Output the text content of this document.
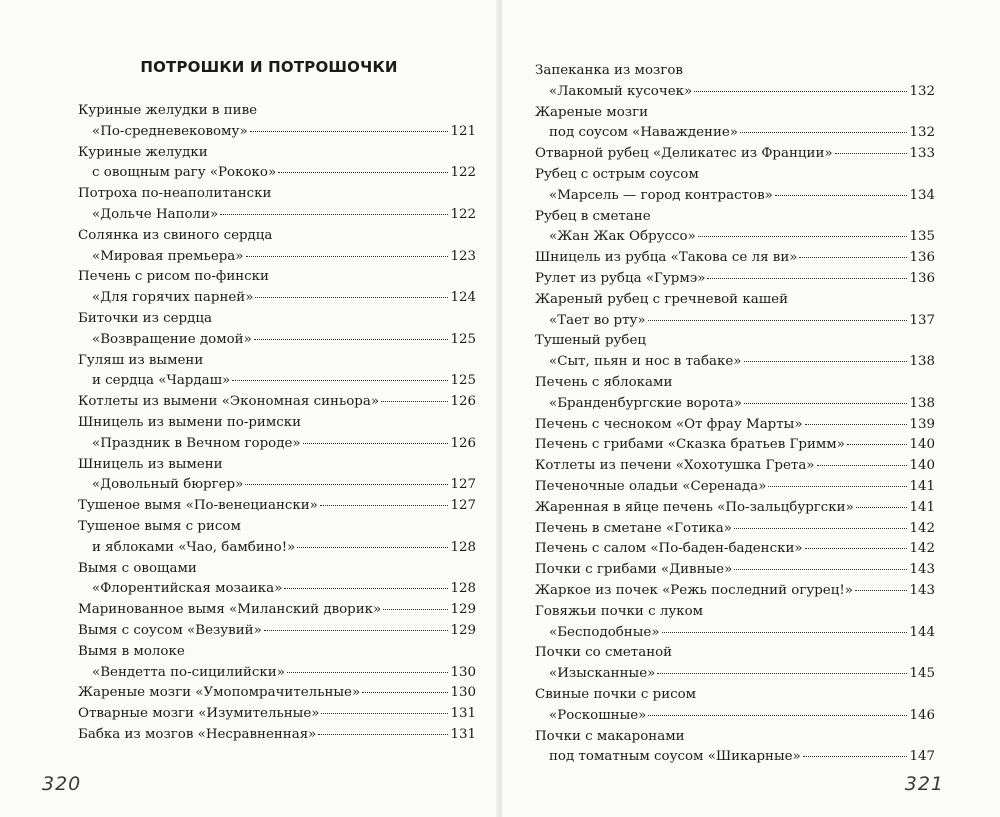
ПОТРОШКИ И ПОТРОШОЧКИ
Куриные желудки в пиве
«По-средневековому»	121
Куриные желудки
с овощным рагу «Рококо»	122
Потроха по-неаполитански
«Дольче Наполи»	122
Солянка из свиного сердца
«Мировая премьера»	123
Печень с рисом по-фински
«Для горячих парней»	124
Биточки из сердца
«Возвращение домой»	125
Гуляш из вымени
и сердца «Чардаш»	125
Котлеты из вымени «Экономная синьора»	126
Шницель из вымени по-римски
«Праздник в Вечном городе»	126
Шницель из вымени
«Довольный бюргер»	127
Тушеное вымя «По-венециански»	127
Тушеное вымя с рисом
и яблоками «Чао, бамбино!»	128
Вымя с овощами
«Флорентийская мозаика»	128
Маринованное вымя «Миланский дворик»	129
Вымя с соусом «Везувий»	129
Вымя в молоке
«Вендетта по-сицилийски»	130
Жареные мозги «Умопомрачительные»	130
Отварные мозги «Изумительные»	131
Бабка из мозгов «Несравненная»	131
320
Запеканка из мозгов
«Лакомый кусочек»	132
Жареные мозги
под соусом «Наваждение»	132
Отварной рубец «Деликатес из Франции»	133
Рубец с острым соусом
«Марсель — город контрастов»	134
Рубец в сметане
«Жан Жак Обруссо»	135
Шницель из рубца «Такова се ля ви»	136
Рулет из рубца «Гурмэ»	136
Жареный рубец с гречневой кашей
«Тает во рту»	137
Тушеный рубец
«Сыт, пьян и нос в табаке»	138
Печень с яблоками
«Бранденбургские ворота»	138
Печень с чесноком «От фрау Марты»	139
Печень с грибами «Сказка братьев Гримм»	140
Котлеты из печени «Хохотушка Грета»	140
Печеночные оладьи «Серенада»	141
Жаренная в яйце печень «По-зальцбургски»	141
Печень в сметане «Готика»	142
Печень с салом «По-баден-баденски»	142
Почки с грибами «Дивные»	143
Жаркое из почек «Режь последний огурец!»	143
Говяжьи почки с луком
«Бесподобные»	144
Почки со сметаной
«Изысканные»	145
Свиные почки с рисом
«Роскошные»	146
Почки с макаронами
под томатным соусом «Шикарные»	147
321
